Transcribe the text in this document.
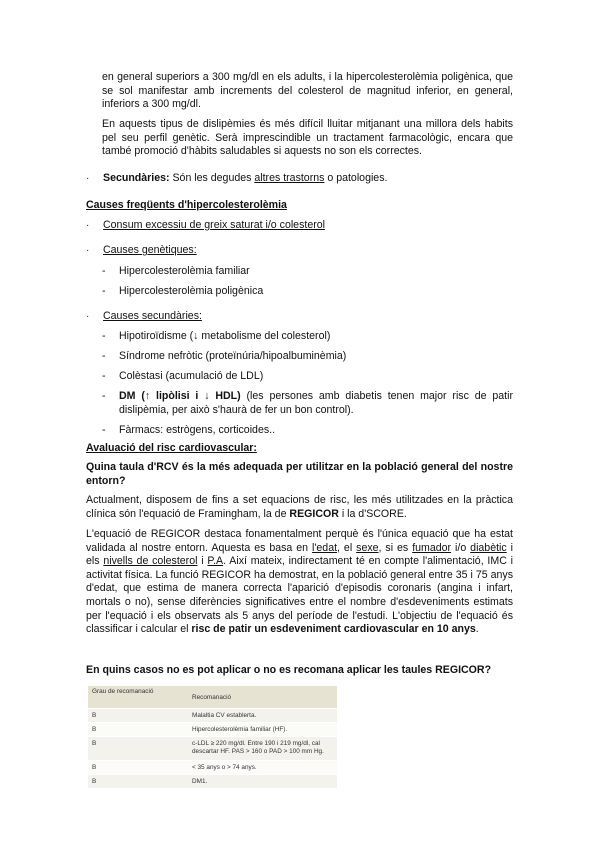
en general superiors a 300 mg/dl en els adults, i la hipercolesterolèmia poligènica, que se sol manifestar amb increments del colesterol de magnitud inferior, en general, inferiors a 300 mg/dl.

En aquests tipus de dislipèmies és més difícil lluitar mitjanant una millora dels habits pel seu perfil genètic. Serà imprescindible un tractament farmacològic, encara que també promoció d'hàbits saludables si aquests no son els correctes.

· Secundàries: Són les degudes altres trastorns o patologies.

Causes freqüents d'hipercolesterolèmia

· Consum excessiu de greix saturat i/o colesterol

· Causes genètiques:

- Hipercolesterolèmia familiar

- Hipercolesterolèmia poligènica

· Causes secundàries:

- Hipotiroïdisme (↓ metabolisme del colesterol)

- Síndrome nefròtic (proteïnúria/hipoalbuminèmia)

- Colèstasi (acumulació de LDL)

- DM (↑ lipòlisi i ↓ HDL) (les persones amb diabetis tenen major risc de patir dislipèmia, per això s'haurà de fer un bon control).

- Fàrmacs: estrògens, corticoides..

Avaluació del risc cardiovascular:

Quina taula d'RCV és la més adequada per utilitzar en la població general del nostre entorn?

Actualment, disposem de fins a set equacions de risc, les més utilitzades en la pràctica clínica són l'equació de Framingham, la de REGICOR i la d'SCORE.

L'equació de REGICOR destaca fonamentalment perquè és l'única equació que ha estat validada al nostre entorn. Aquesta es basa en l'edat, el sexe, si es fumador i/o diabètic i els nivells de colesterol i P.A. Així mateix, indirectament té en compte l'alimentació, IMC i activitat física. La funció REGICOR ha demostrat, en la població general entre 35 i 75 anys d'edat, que estima de manera correcta l'aparició d'episodis coronaris (angina i infart, mortals o no), sense diferències significatives entre el nombre d'esdeveniments estimats per l'equació i els observats als 5 anys del període de l'estudi. L'objectiu de l'equació és classificar i calcular el risc de patir un esdeveniment cardiovascular en 10 anys.

En quins casos no es pot aplicar o no es recomana aplicar les taules REGICOR?

Grau de recomanació	Recomanació
B	Malaltia CV establerta.
B	Hipercolesterolèmia familiar (HF).
B	c-LDL ≥ 220 mg/dl. Entre 190 i 219 mg/dl, cal descartar HF. PAS > 160 o PAD > 100 mm Hg.
B	< 35 anys o > 74 anys.
B	DM1.
